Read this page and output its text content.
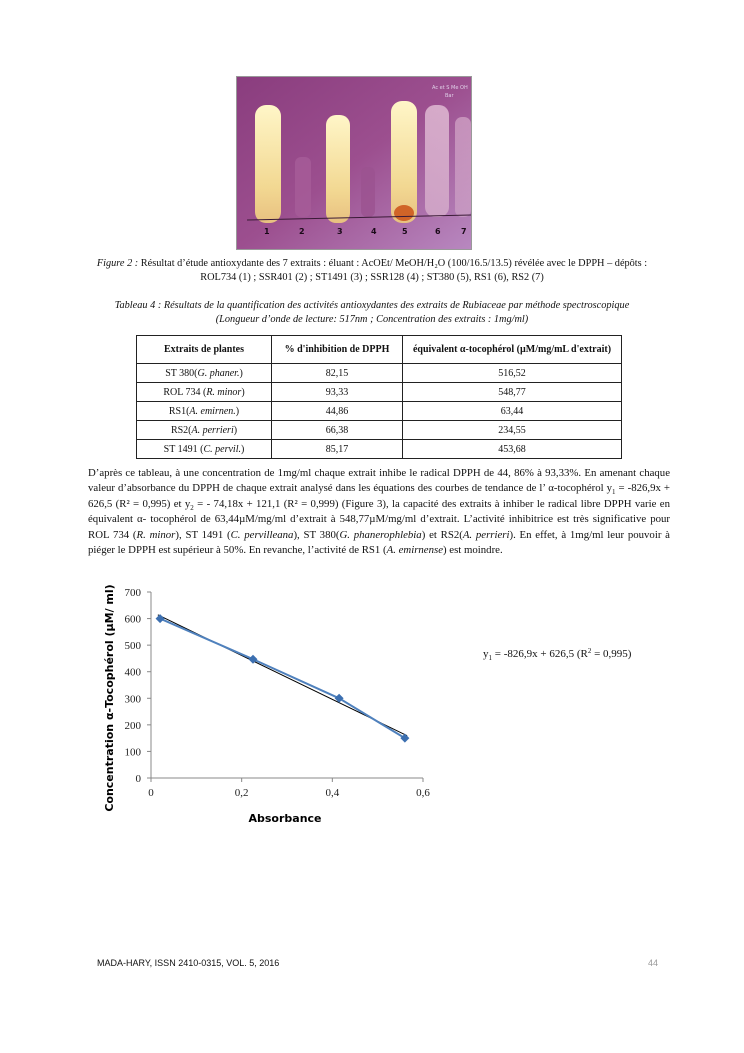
Ac et S Me OH
Bar
1	2	3	4	5	6	7
Figure 2 : Résultat d’étude antioxydante des 7 extraits : éluant : AcOEt/ MeOH/H₂O (100/16.5/13.5) révélée avec le DPPH – dépôts :
ROL734 (1) ; SSR401 (2) ; ST1491 (3) ; SSR128 (4) ; ST380 (5), RS1 (6), RS2 (7)
Tableau 4 : Résultats de la quantification des activités antioxydantes des extraits de Rubiaceae par méthode spectroscopique
(Longueur d’onde de lecture: 517nm ; Concentration des extraits : 1mg/ml)
Extraits de plantes	% d'inhibition de DPPH	équivalent α-tocophérol (µM/mg/mL d'extrait)
ST 380(G. phaner.)	82,15	516,52
ROL 734 (R. minor)	93,33	548,77
RS1(A. emirnen.)	44,86	63,44
RS2(A. perrieri)	66,38	234,55
ST 1491 (C. pervil.)	85,17	453,68
D’après ce tableau, à une concentration de 1mg/ml chaque extrait inhibe le radical DPPH de 44, 86% à 93,33%. En amenant chaque valeur d’absorbance du DPPH de chaque extrait analysé dans les équations des courbes de tendance de l’ α-tocophérol $y_1 = -826,9x + 626,5$ (R² = 0,995) et $y_2$ = - 74,18x + 121,1 (R² = 0,999) (Figure 3), la capacité des extraits à inhiber le radical libre DPPH varie en équivalent α- tocophérol de 63,44µM/mg/ml d’extrait à 548,77µM/mg/ml d’extrait. L’activité inhibitrice est très significative pour ROL 734 (R. minor), ST 1491 (C. pervilleana), ST 380(G. phanerophlebia) et RS2(A. perrieri). En effet, à 1mg/ml leur pouvoir à piéger le DPPH est supérieur à 50%. En revanche, l’activité de RS1 (A. emirnense) est moindre.
0
100
200
300
400
500
600
700
0	0,2	0,4	0,6
Absorbance
Concentration α-Tocophérol (µM/ ml)	$y_1 = -826,9x + 626,5$ $(R^2 = 0,995)$
MADA-HARY, ISSN 2410-0315, VOL. 5, 2016	44
